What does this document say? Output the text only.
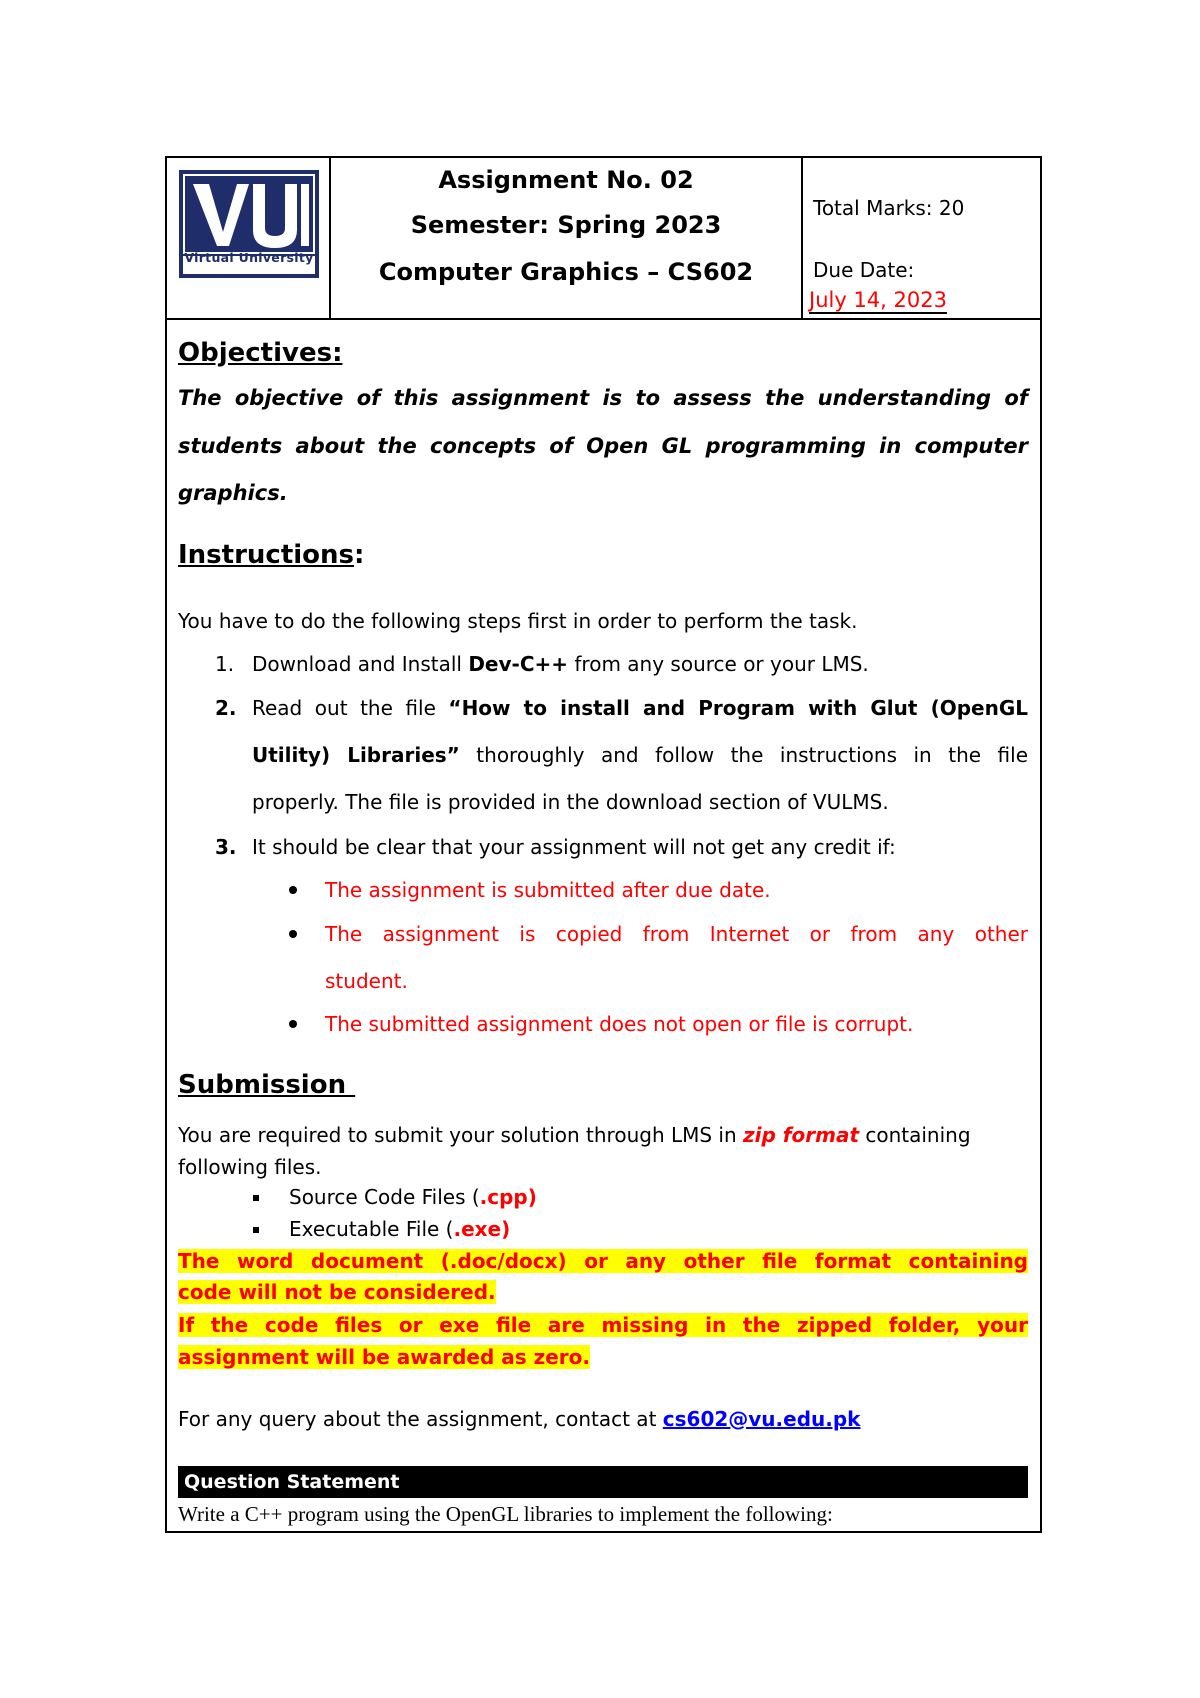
Virtual University
Assignment No. 02
Semester: Spring 2023
Computer Graphics – CS602
Total Marks: 20
Due Date:
July 14, 2023
Objectives:
The objective of this assignment is to assess the understanding of
students about the concepts of Open GL programming in computer
graphics.
Instructions:
You have to do the following steps first in order to perform the task.
1. Download and Install Dev-C++ from any source or your LMS.
2. Read out the file “How to install and Program with Glut (OpenGL
Utility) Libraries” thoroughly and follow the instructions in the file
properly. The file is provided in the download section of VULMS.
3. It should be clear that your assignment will not get any credit if:
The assignment is submitted after due date.
The assignment is copied from Internet or from any other
student.
The submitted assignment does not open or file is corrupt.
Submission
You are required to submit your solution through LMS in zip format containing
following files.
Source Code Files (.cpp)
Executable File (.exe)
The word document (.doc/docx) or any other file format containing
code will not be considered.
If the code files or exe file are missing in the zipped folder, your
assignment will be awarded as zero.
For any query about the assignment, contact at cs602@vu.edu.pk
Question Statement
Write a C++ program using the OpenGL libraries to implement the following:
